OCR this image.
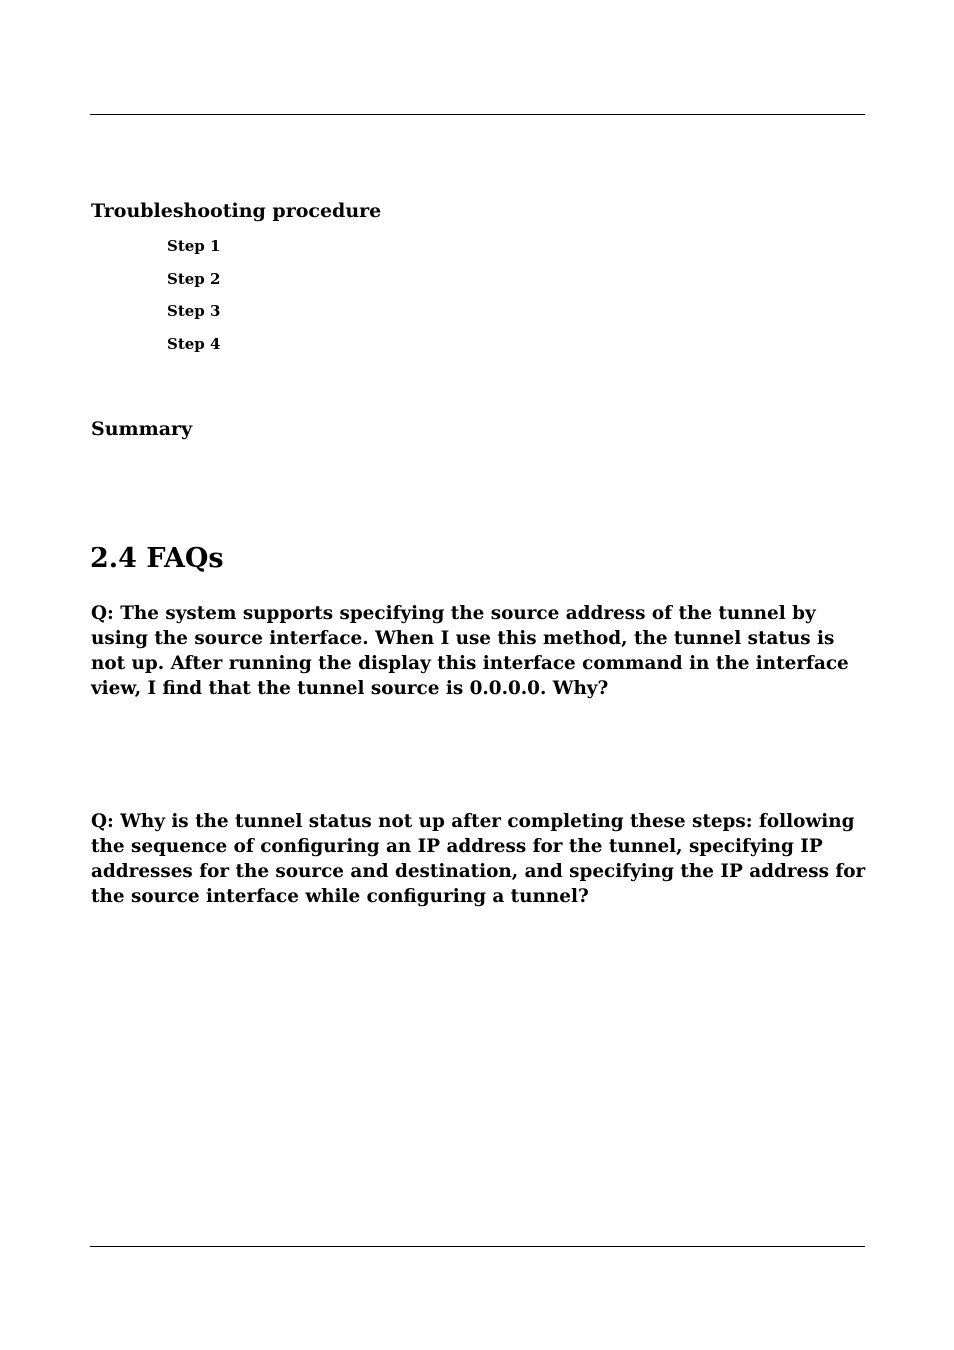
Troubleshooting procedure
Step 1
Step 2
Step 3
Step 4
Summary
2.4 FAQs

Q: The system supports specifying the source address of the tunnel by using the source interface. When I use this method, the tunnel status is not up. After running the display this interface command in the interface view, I find that the tunnel source is 0.0.0.0. Why?

Q: Why is the tunnel status not up after completing these steps: following the sequence of configuring an IP address for the tunnel, specifying IP addresses for the source and destination, and specifying the IP address for the source interface while configuring a tunnel?
